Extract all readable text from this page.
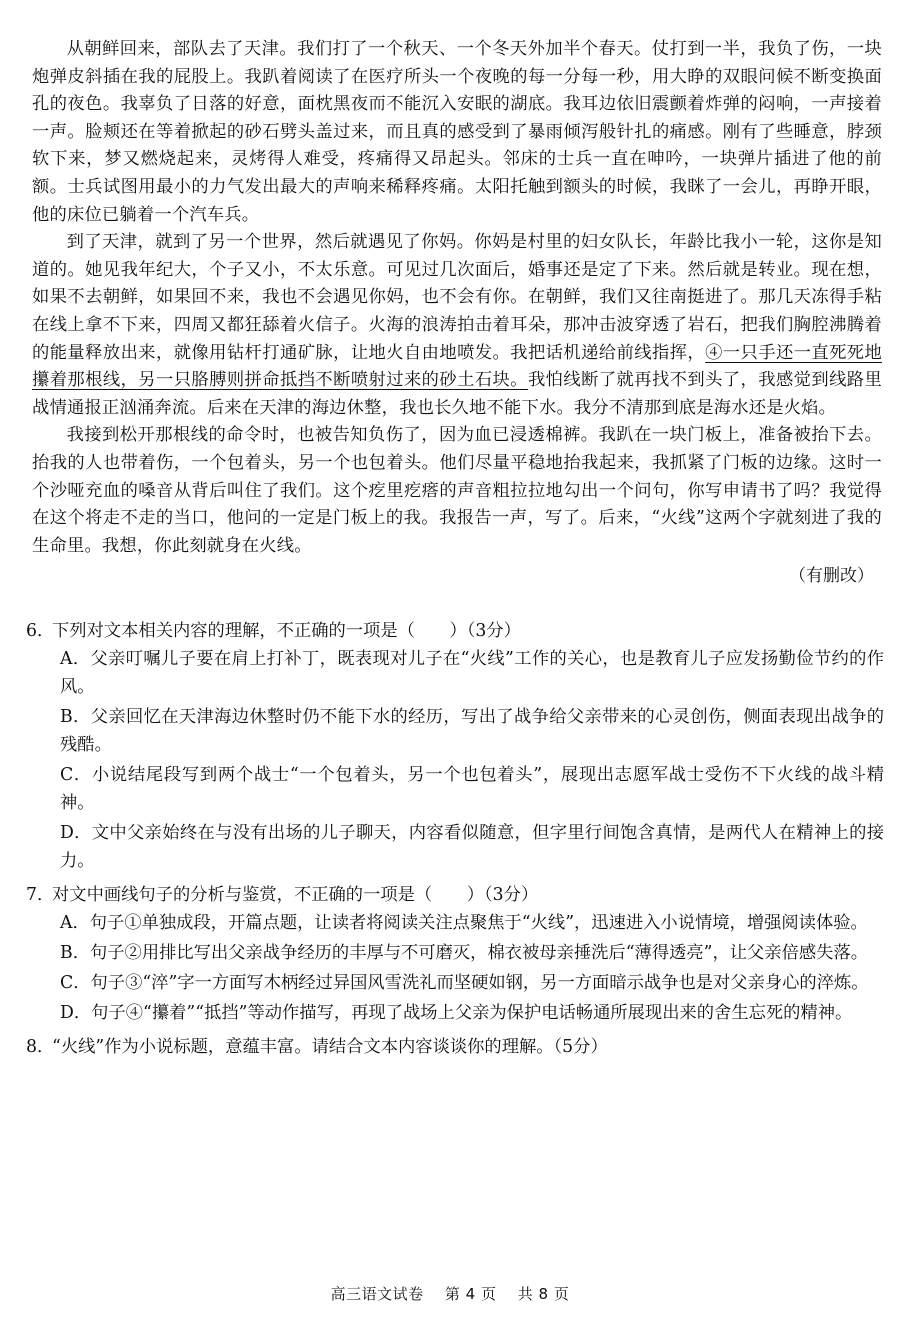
从朝鲜回来，部队去了天津。我们打了一个秋天、一个冬天外加半个春天。仗打到一半，我负了伤，一块炮弹皮斜插在我的屁股上。我趴着阅读了在医疗所头一个夜晚的每一分每一秒，用大睁的双眼问候不断变换面孔的夜色。我辜负了日落的好意，面枕黑夜而不能沉入安眠的湖底。我耳边依旧震颤着炸弹的闷响，一声接着一声。脸颊还在等着掀起的砂石劈头盖过来，而且真的感受到了暴雨倾泻般针扎的痛感。刚有了些睡意，脖颈软下来，梦又燃烧起来，灵烤得人难受，疼痛得又昂起头。邻床的士兵一直在呻吟，一块弹片插进了他的前额。士兵试图用最小的力气发出最大的声响来稀释疼痛。太阳托触到额头的时候，我眯了一会儿，再睁开眼，他的床位已躺着一个汽车兵。

到了天津，就到了另一个世界，然后就遇见了你妈。你妈是村里的妇女队长，年龄比我小一轮，这你是知道的。她见我年纪大，个子又小，不太乐意。可见过几次面后，婚事还是定了下来。然后就是转业。现在想，如果不去朝鲜，如果回不来，我也不会遇见你妈，也不会有你。在朝鲜，我们又往南挺进了。那几天冻得手粘在线上拿不下来，四周又都狂舔着火信子。火海的浪涛拍击着耳朵，那冲击波穿透了岩石，把我们胸腔沸腾着的能量释放出来，就像用钻杆打通矿脉，让地火自由地喷发。我把话机递给前线指挥，④一只手还一直死死地攥着那根线，另一只胳膊则拼命抵挡不断喷射过来的砂土石块。我怕线断了就再找不到头了，我感觉到线路里战情通报正汹涌奔流。后来在天津的海边休整，我也长久地不能下水。我分不清那到底是海水还是火焰。

我接到松开那根线的命令时，也被告知负伤了，因为血已浸透棉裤。我趴在一块门板上，准备被抬下去。抬我的人也带着伤，一个包着头，另一个也包着头。他们尽量平稳地抬我起来，我抓紧了门板的边缘。这时一个沙哑充血的嗓音从背后叫住了我们。这个疙里疙瘩的声音粗拉拉地勾出一个问句，你写申请书了吗？我觉得在这个将走不走的当口，他问的一定是门板上的我。我报告一声，写了。后来，“火线”这两个字就刻进了我的生命里。我想，你此刻就身在火线。

（有删改）

6．下列对文本相关内容的理解，不正确的一项是（　　）（3分）

A．父亲叮嘱儿子要在肩上打补丁，既表现对儿子在“火线”工作的关心，也是教育儿子应发扬勤俭节约的作风。

B．父亲回忆在天津海边休整时仍不能下水的经历，写出了战争给父亲带来的心灵创伤，侧面表现出战争的残酷。

C．小说结尾段写到两个战士“一个包着头，另一个也包着头”，展现出志愿军战士受伤不下火线的战斗精神。

D．文中父亲始终在与没有出场的儿子聊天，内容看似随意，但字里行间饱含真情，是两代人在精神上的接力。

7．对文中画线句子的分析与鉴赏，不正确的一项是（　　）（3分）

A．句子①单独成段，开篇点题，让读者将阅读关注点聚焦于“火线”，迅速进入小说情境，增强阅读体验。

B．句子②用排比写出父亲战争经历的丰厚与不可磨灭，棉衣被母亲捶洗后“薄得透亮”，让父亲倍感失落。

C．句子③“淬”字一方面写木柄经过异国风雪洗礼而坚硬如钢，另一方面暗示战争也是对父亲身心的淬炼。

D．句子④“攥着”“抵挡”等动作描写，再现了战场上父亲为保护电话畅通所展现出来的舍生忘死的精神。

8．“火线”作为小说标题，意蕴丰富。请结合文本内容谈谈你的理解。（5分）

高三语文试卷 第 4 页 共 8 页
